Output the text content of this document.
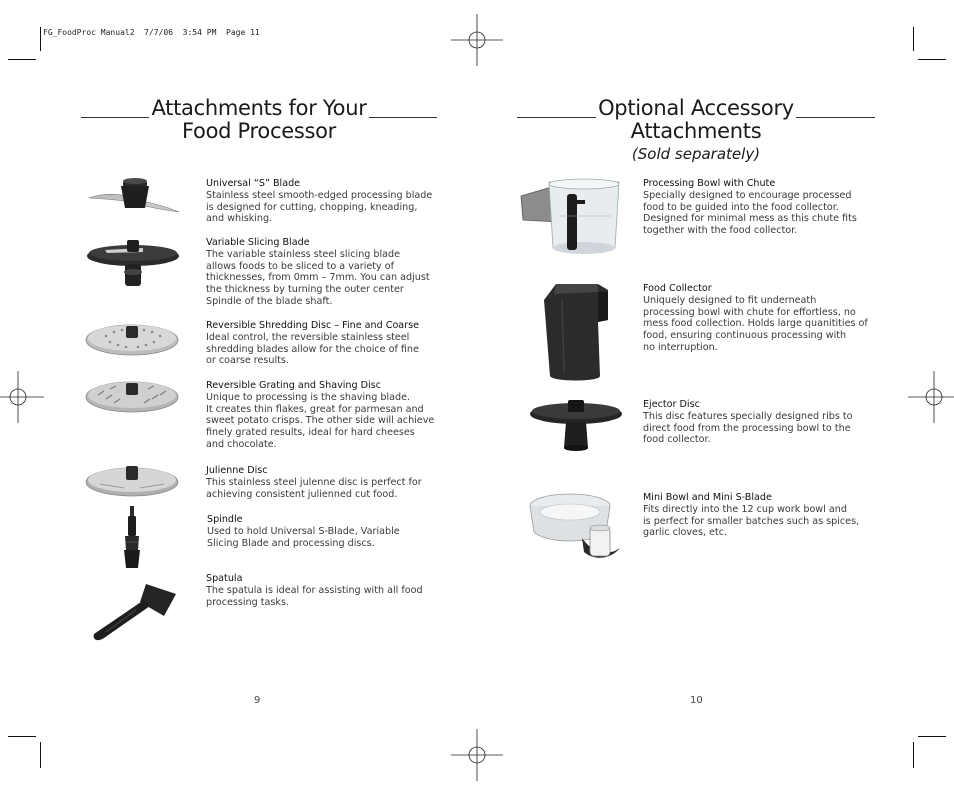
FG_FoodProc Manual2  7/7/06  3:54 PM  Page 11
Attachments for Your
Food Processor
Universal “S” Blade

Stainless steel smooth-edged processing blade

is designed for cutting, chopping, kneading,

and whisking.

Variable Slicing Blade

The variable stainless steel slicing blade

allows foods to be sliced to a variety of

thicknesses, from 0mm – 7mm. You can adjust

the thickness by turning the outer center

Spindle of the blade shaft.

Reversible Shredding Disc – Fine and Coarse

Ideal control, the reversible stainless steel

shredding blades allow for the choice of fine

or coarse results.

Reversible Grating and Shaving Disc

Unique to processing is the shaving blade.

It creates thin flakes, great for parmesan and

sweet potato crisps. The other side will achieve

finely grated results, ideal for hard cheeses

and chocolate.

Julienne Disc

This stainless steel julenne disc is perfect for

achieving consistent julienned cut food.

Spindle

Used to hold Universal S-Blade, Variable

Slicing Blade and processing discs.

Spatula

The spatula is ideal for assisting with all food

processing tasks.

9
Optional Accessory
Attachments
(Sold separately)
Processing Bowl with Chute

Specially designed to encourage processed

food to be guided into the food collector.

Designed for minimal mess as this chute fits

together with the food collector.

Food Collector

Uniquely designed to fit underneath

processing bowl with chute for effortless, no

mess food collection. Holds large quanitities of

food, ensuring continuous processing with

no interruption.

Ejector Disc

This disc features specially designed ribs to

direct food from the processing bowl to the

food collector.

Mini Bowl and Mini S-Blade

Fits directly into the 12 cup work bowl and

is perfect for smaller batches such as spices,

garlic cloves, etc.

10
